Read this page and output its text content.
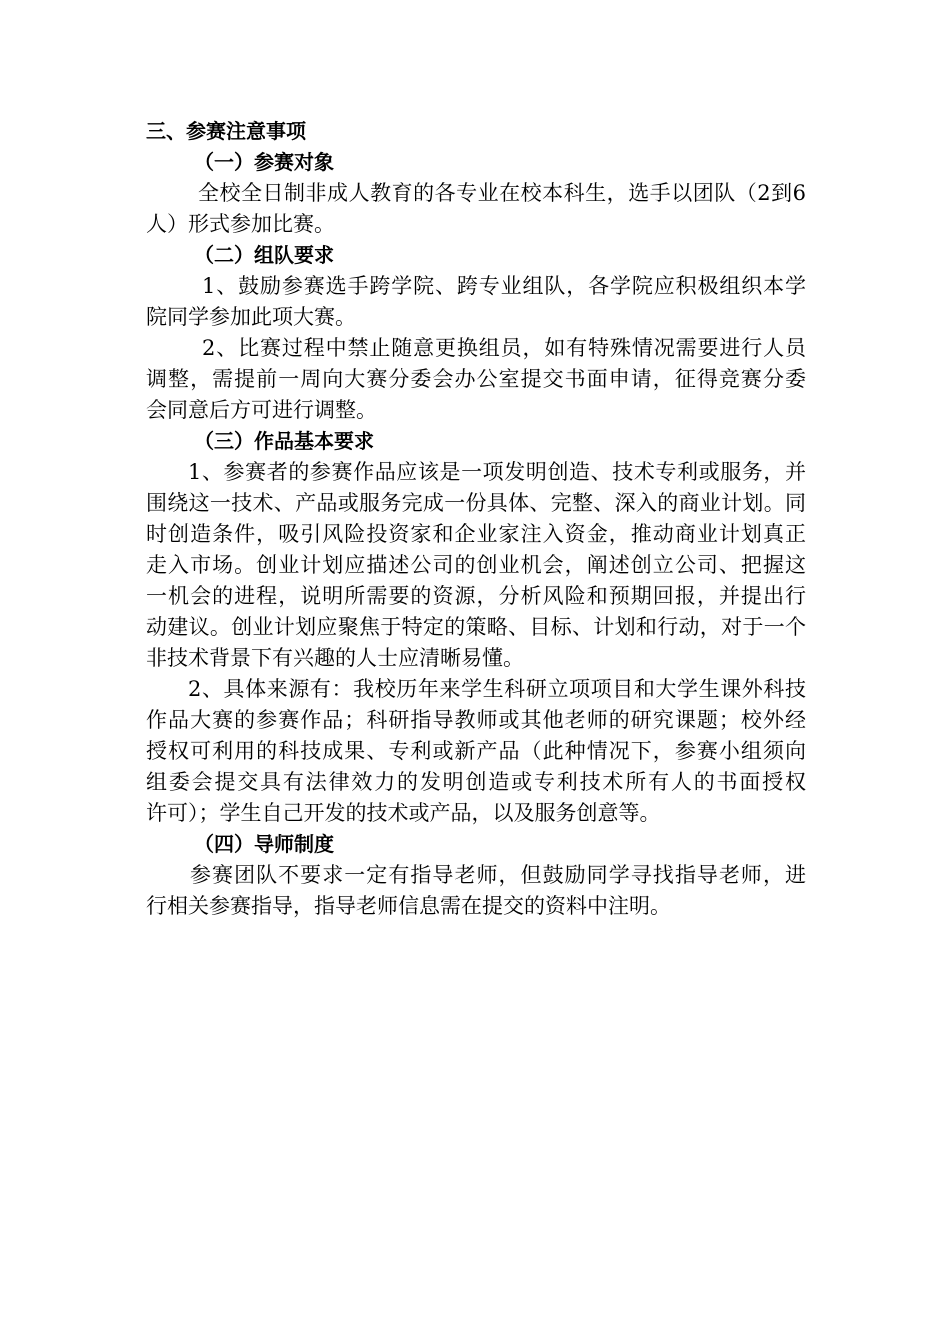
三、参赛注意事项
（一）参赛对象
全校全日制非成人教育的各专业在校本科生，选手以团队（2到6
人）形式参加比赛。
（二）组队要求
1、鼓励参赛选手跨学院、跨专业组队，各学院应积极组织本学
院同学参加此项大赛。
2、比赛过程中禁止随意更换组员，如有特殊情况需要进行人员
调整，需提前一周向大赛分委会办公室提交书面申请，征得竞赛分委
会同意后方可进行调整。
（三）作品基本要求
1、参赛者的参赛作品应该是一项发明创造、技术专利或服务，并
围绕这一技术、产品或服务完成一份具体、完整、深入的商业计划。同
时创造条件，吸引风险投资家和企业家注入资金，推动商业计划真正
走入市场。创业计划应描述公司的创业机会，阐述创立公司、把握这
一机会的进程，说明所需要的资源，分析风险和预期回报，并提出行
动建议。创业计划应聚焦于特定的策略、目标、计划和行动，对于一个
非技术背景下有兴趣的人士应清晰易懂。
2、具体来源有：我校历年来学生科研立项项目和大学生课外科技
作品大赛的参赛作品；科研指导教师或其他老师的研究课题；校外经
授权可利用的科技成果、专利或新产品（此种情况下，参赛小组须向
组委会提交具有法律效力的发明创造或专利技术所有人的书面授权
许可）；学生自己开发的技术或产品，以及服务创意等。
（四）导师制度
参赛团队不要求一定有指导老师，但鼓励同学寻找指导老师，进
行相关参赛指导，指导老师信息需在提交的资料中注明。
